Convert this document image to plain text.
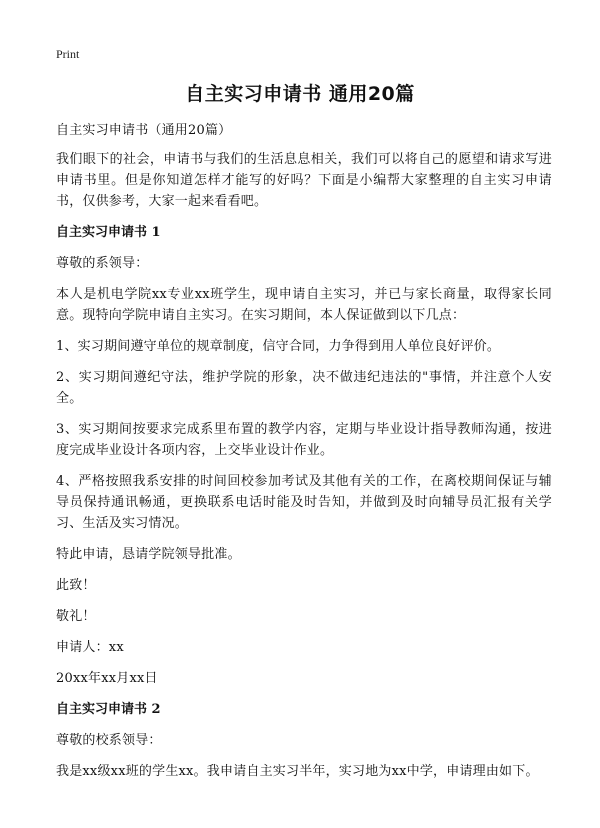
Print
自主实习申请书 通用20篇

自主实习申请书（通用20篇）

我们眼下的社会，申请书与我们的生活息息相关，我们可以将自己的愿望和请求写进申请书里。但是你知道怎样才能写的好吗？下面是小编帮大家整理的自主实习申请书，仅供参考，大家一起来看看吧。

自主实习申请书 1

尊敬的系领导：

本人是机电学院xx专业xx班学生，现申请自主实习，并已与家长商量，取得家长同意。现特向学院申请自主实习。在实习期间，本人保证做到以下几点：

1、实习期间遵守单位的规章制度，信守合同，力争得到用人单位良好评价。

2、实习期间遵纪守法，维护学院的形象，决不做违纪违法的"事情，并注意个人安全。

3、实习期间按要求完成系里布置的教学内容，定期与毕业设计指导教师沟通，按进度完成毕业设计各项内容，上交毕业设计作业。

4、严格按照我系安排的时间回校参加考试及其他有关的工作，在离校期间保证与辅导员保持通讯畅通，更换联系电话时能及时告知，并做到及时向辅导员汇报有关学习、生活及实习情况。

特此申请，恳请学院领导批准。

此致！

敬礼！

申请人：xx

20xx年xx月xx日

自主实习申请书 2

尊敬的校系领导：

我是xx级xx班的学生xx。我申请自主实习半年，实习地为xx中学，申请理由如下。
